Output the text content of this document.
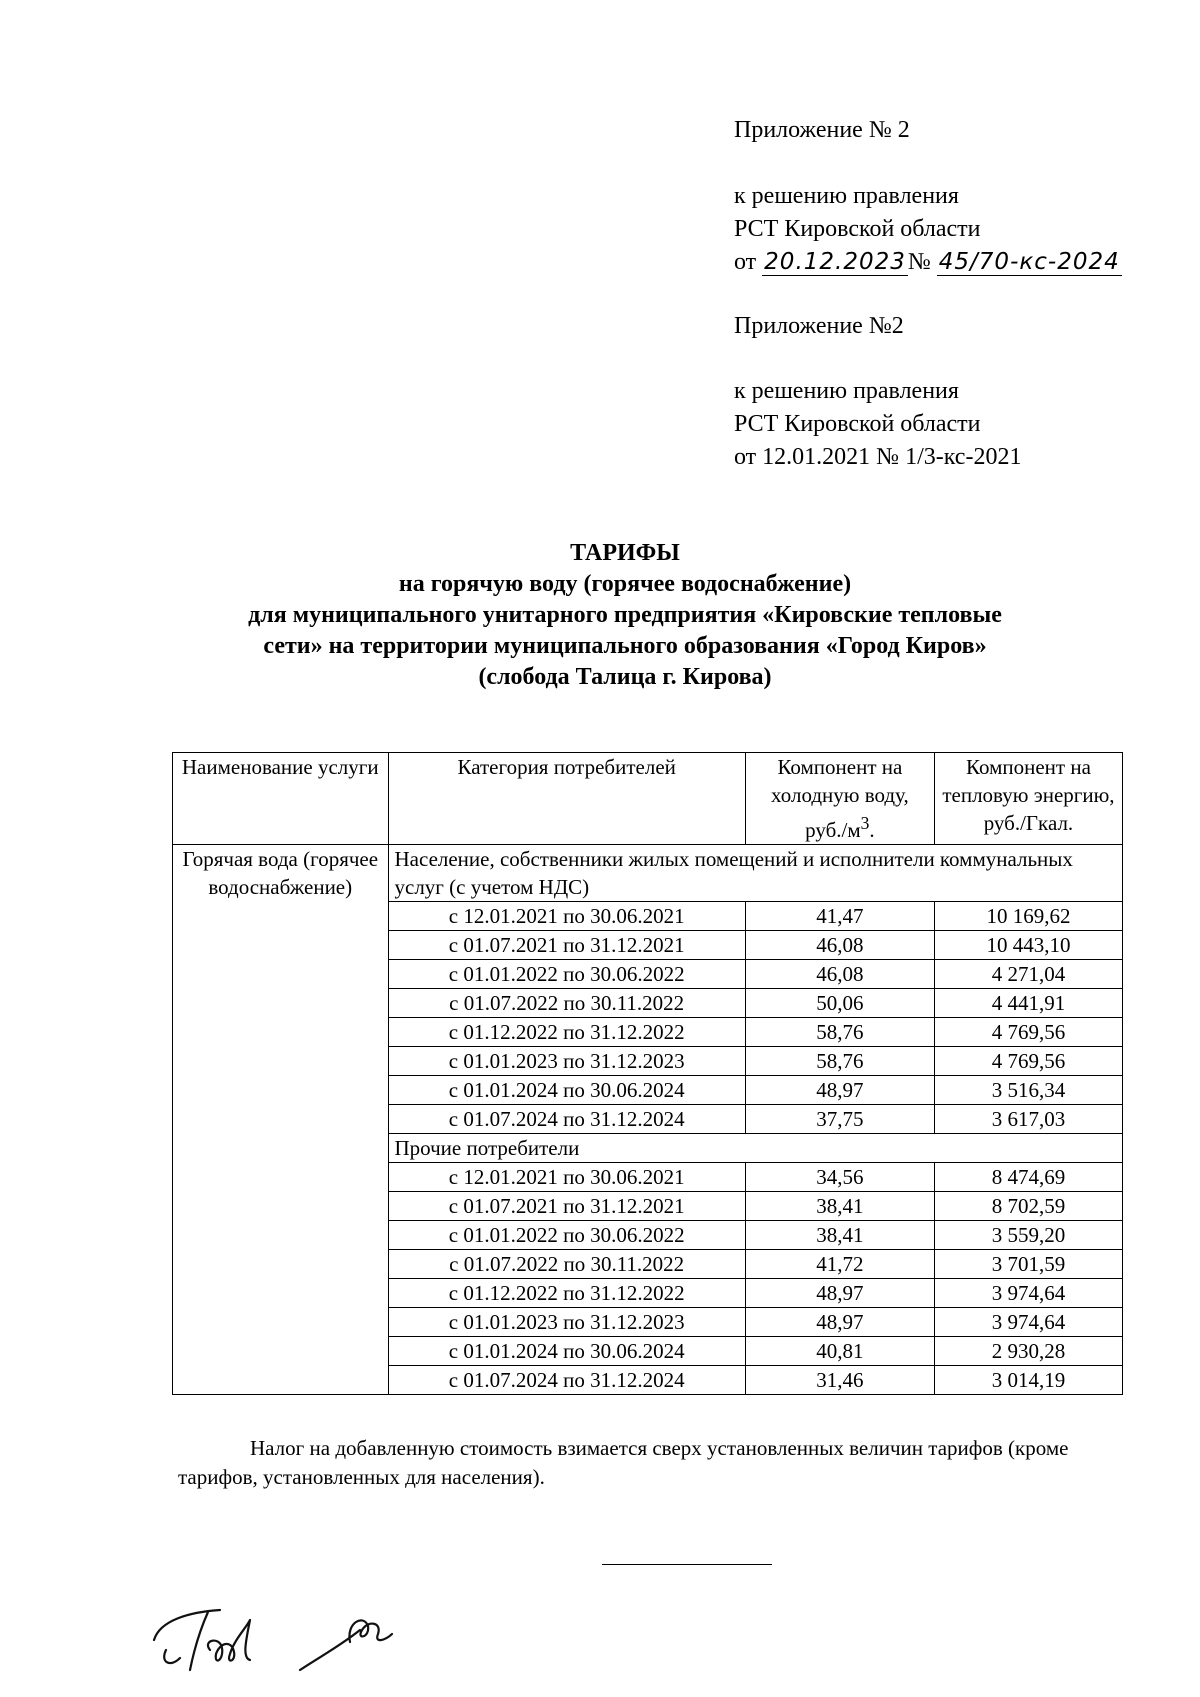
Приложение № 2
к решению правления
РСТ Кировской области
от 20.12.2023№ 45/70-кс-2024
Приложение №2
к решению правления
РСТ Кировской области
от 12.01.2021 № 1/3-кс-2021
ТАРИФЫ
на горячую воду (горячее водоснабжение)
для муниципального унитарного предприятия «Кировские тепловые
сети» на территории муниципального образования «Город Киров»
(слобода Талица г. Кирова)
Наименование услуги	Категория потребителей	Компонент на холодную воду, $руб./м^3$.	Компонент на тепловую энергию, руб./Гкал.
Горячая вода (горячее водоснабжение)	Население, собственники жилых помещений и исполнители коммунальных услуг (с учетом НДС)		
	с 12.01.2021 по 30.06.2021	41,47	10 169,62
	с 01.07.2021 по 31.12.2021	46,08	10 443,10
	с 01.01.2022 по 30.06.2022	46,08	4 271,04
	с 01.07.2022 по 30.11.2022	50,06	4 441,91
	с 01.12.2022 по 31.12.2022	58,76	4 769,56
	с 01.01.2023 по 31.12.2023	58,76	4 769,56
	с 01.01.2024 по 30.06.2024	48,97	3 516,34
	с 01.07.2024 по 31.12.2024	37,75	3 617,03
	Прочие потребители		
	с 12.01.2021 по 30.06.2021	34,56	8 474,69
	с 01.07.2021 по 31.12.2021	38,41	8 702,59
	с 01.01.2022 по 30.06.2022	38,41	3 559,20
	с 01.07.2022 по 30.11.2022	41,72	3 701,59
	с 01.12.2022 по 31.12.2022	48,97	3 974,64
	с 01.01.2023 по 31.12.2023	48,97	3 974,64
	с 01.01.2024 по 30.06.2024	40,81	2 930,28
	с 01.07.2024 по 31.12.2024	31,46	3 014,19
Налог на добавленную стоимость взимается сверх установленных величин тарифов (кроме тарифов, установленных для населения).
